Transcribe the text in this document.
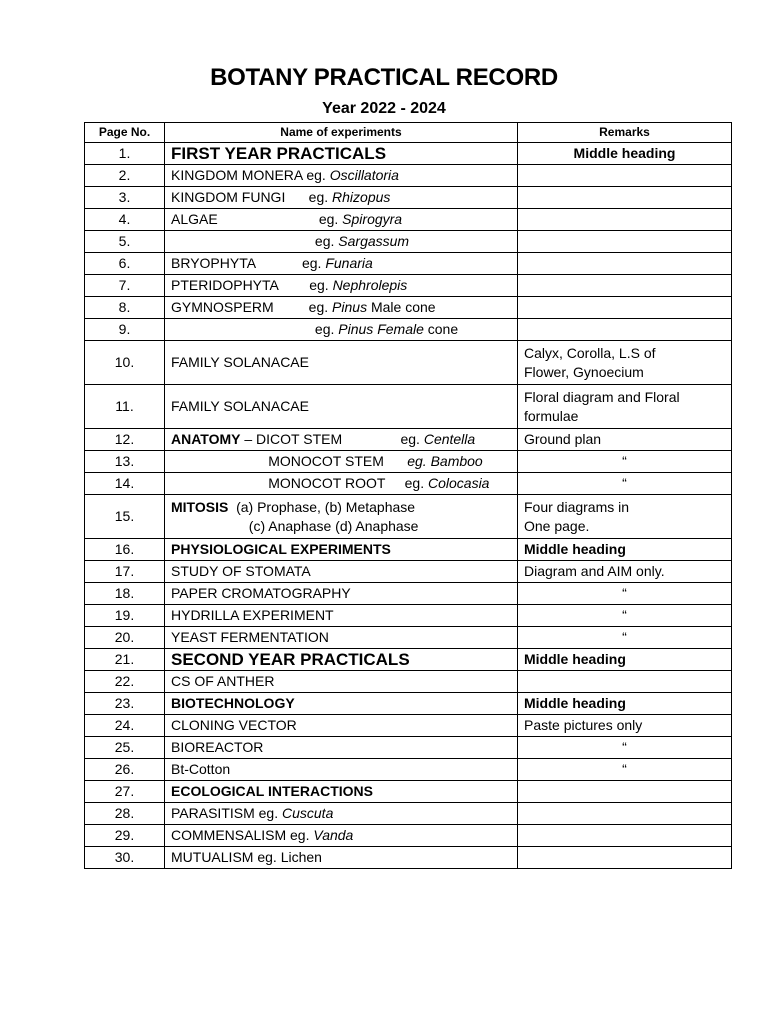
BOTANY PRACTICAL RECORD
Year 2022 - 2024
Page No.	Name of experiments	Remarks
1.	FIRST YEAR PRACTICALS	Middle heading
2.	KINGDOM MONERA eg. Oscillatoria	
3.	KINGDOM FUNGI      eg. Rhizopus	
4.	ALGAE                          eg. Spirogyra	
5.	eg. Sargassum	
6.	BRYOPHYTA            eg. Funaria	
7.	PTERIDOPHYTA        eg. Nephrolepis	
8.	GYMNOSPERM         eg. Pinus Male cone	
9.	eg. Pinus Female cone	
10.	FAMILY SOLANACAE	Calyx, Corolla, L.S of
Flower, Gynoecium
11.	FAMILY SOLANACAE	Floral diagram and Floral
formulae
12.	ANATOMY – DICOT STEM               eg. Centella	Ground plan
13.	MONOCOT STEM      eg. Bamboo	“
14.	MONOCOT ROOT     eg. Colocasia	“
15.	MITOSIS  (a) Prophase, (b) Metaphase
(c) Anaphase (d) Anaphase	Four diagrams in
One page.
16.	PHYSIOLOGICAL EXPERIMENTS	Middle heading
17.	STUDY OF STOMATA	Diagram and AIM only.
18.	PAPER CROMATOGRAPHY	“
19.	HYDRILLA EXPERIMENT	“
20.	YEAST FERMENTATION	“
21.	SECOND YEAR PRACTICALS	Middle heading
22.	CS OF ANTHER	
23.	BIOTECHNOLOGY	Middle heading
24.	CLONING VECTOR	Paste pictures only
25.	BIOREACTOR	“
26.	Bt-Cotton	“
27.	ECOLOGICAL INTERACTIONS	
28.	PARASITISM eg. Cuscuta	
29.	COMMENSALISM eg. Vanda	
30.	MUTUALISM eg. Lichen	
